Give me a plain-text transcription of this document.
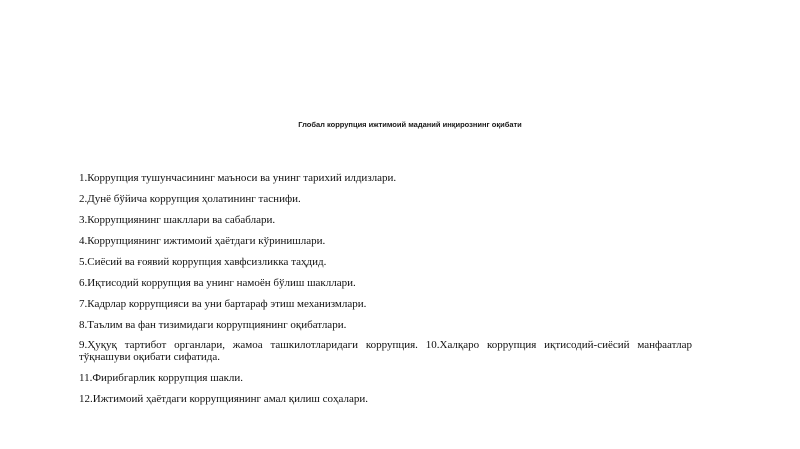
Глобал коррупция ижтимоий маданий инқирознинг оқибати

1.Коррупция тушунчасининг маъноси ва унинг тарихий илдизлари.
2.Дунё бўйича коррупция ҳолатининг таснифи.
3.Коррупциянинг шакллари ва сабаблари.
4.Коррупциянинг ижтимоий ҳаётдаги кўринишлари.
5.Сиёсий ва ғоявий коррупция хавфсизликка таҳдид.
6.Иқтисодий коррупция ва унинг намоён бўлиш шакллари.
7.Кадрлар коррупцияси ва уни бартараф этиш механизмлари.
8.Таълим ва фан тизимидаги коррупциянинг оқибатлари.
9.Ҳуқуқ тартибот органлари, жамоа ташкилотларидаги коррупция. 10.Халқаро коррупция иқтисодий-сиёсий манфаатлар тўқнашуви оқибати сифатида.
11.Фирибгарлик коррупция шакли.
12.Ижтимоий ҳаётдаги коррупциянинг амал қилиш соҳалари.
